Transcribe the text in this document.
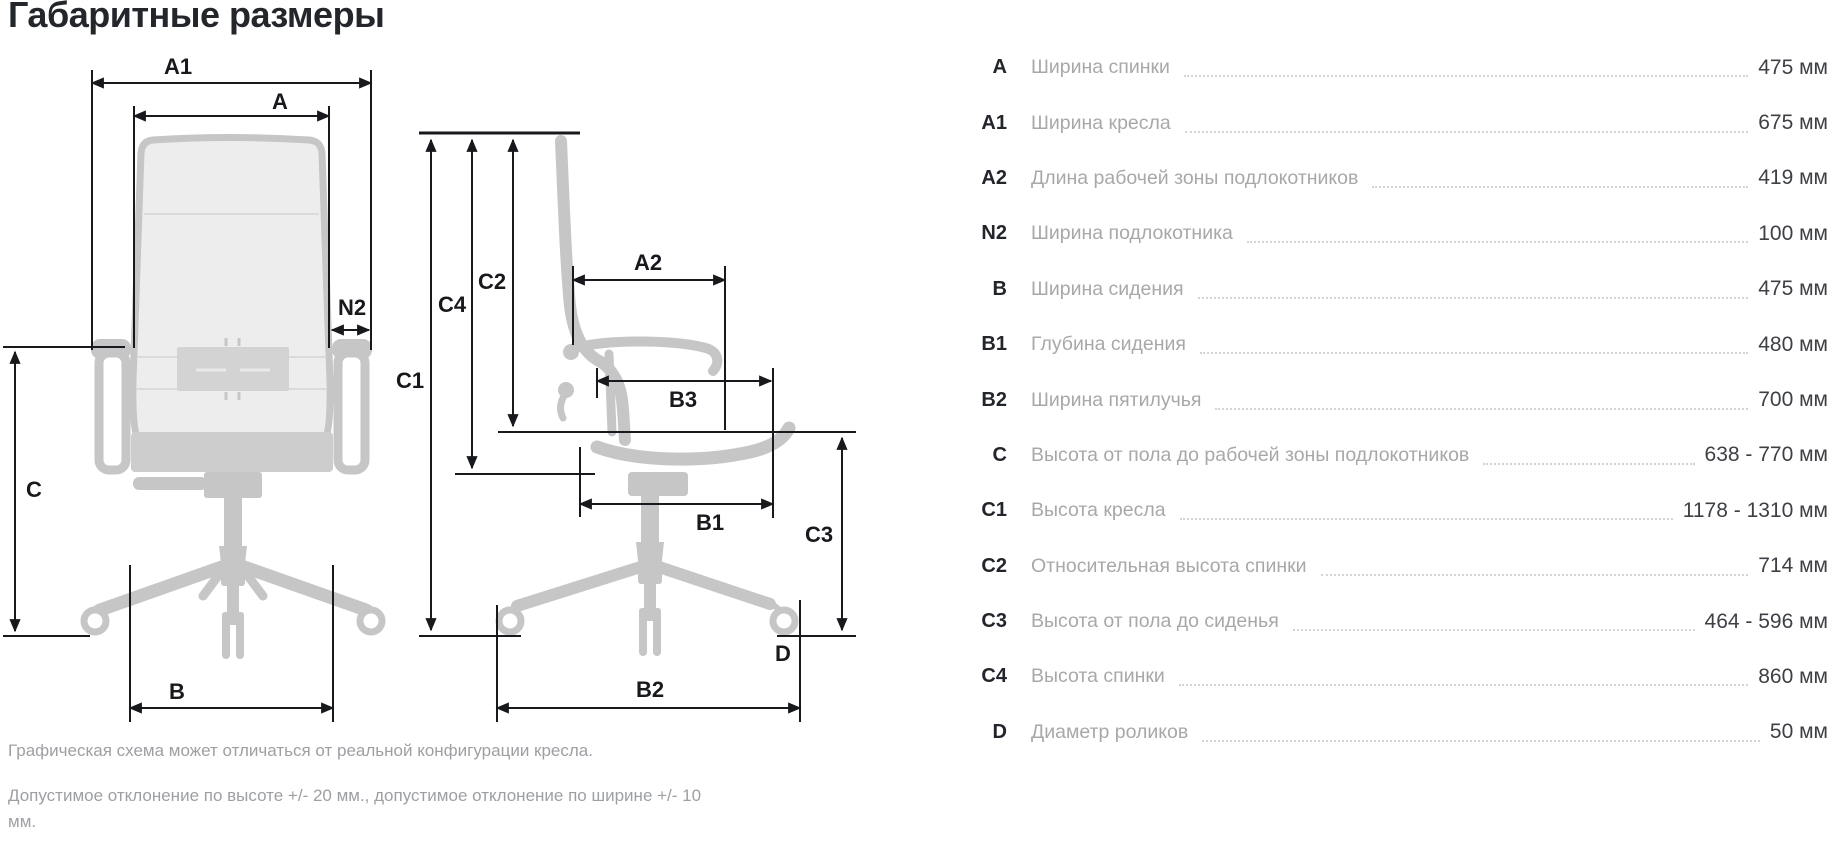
Габаритные размеры
A1
A
N2
C
B
C1
C4
C2
A2
B3
B1	C3
B2
D
A Ширина спинки	475 мм
A1 Ширина кресла	675 мм
A2 Длина рабочей зоны подлокотников	419 мм
N2 Ширина подлокотника	100 мм
B Ширина сидения	475 мм
B1 Глубина сидения	480 мм
B2 Ширина пятилучья	700 мм
C Высота от пола до рабочей зоны подлокотников	638 - 770 мм
C1 Высота кресла	1178 - 1310 мм
C2 Относительная высота спинки	714 мм
C3 Высота от пола до сиденья	464 - 596 мм
C4 Высота спинки	860 мм
D Диаметр роликов	50 мм

Графическая схема может отличаться от реальной конфигурации кресла.

Допустимое отклонение по высоте +/- 20 мм., допустимое отклонение по ширине +/- 10 мм.
